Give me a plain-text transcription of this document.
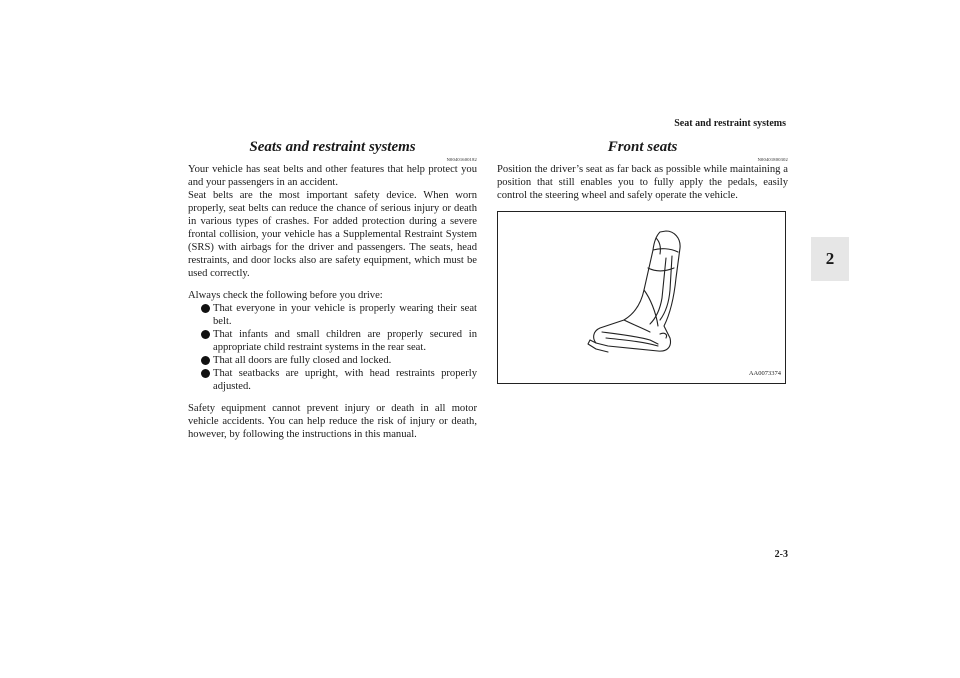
Seat and restraint systems
2
Seats and restraint systems
N00401600182

Your vehicle has seat belts and other features that help protect you and your passengers in an accident.

Seat belts are the most important safety device. When worn properly, seat belts can reduce the chance of serious injury or death in various types of crashes. For added protection during a severe frontal collision, your vehicle has a Supplemental Restraint System (SRS) with airbags for the driver and passengers. The seats, head restraints, and door locks also are safety equipment, which must be used correctly.

Always check the following before you drive:

That everyone in your vehicle is properly wearing their seat belt.
That infants and small children are properly secured in appropriate child restraint systems in the rear seat.
That all doors are fully closed and locked.
That seatbacks are upright, with head restraints properly adjusted.

Safety equipment cannot prevent injury or death in all motor vehicle accidents. You can help reduce the risk of injury or death, however, by following the instructions in this manual.

Front seats
N00401800302

Position the driver’s seat as far back as possible while maintaining a position that still enables you to fully apply the pedals, easily control the steering wheel and safely operate the vehicle.

AA0073374
2-3
